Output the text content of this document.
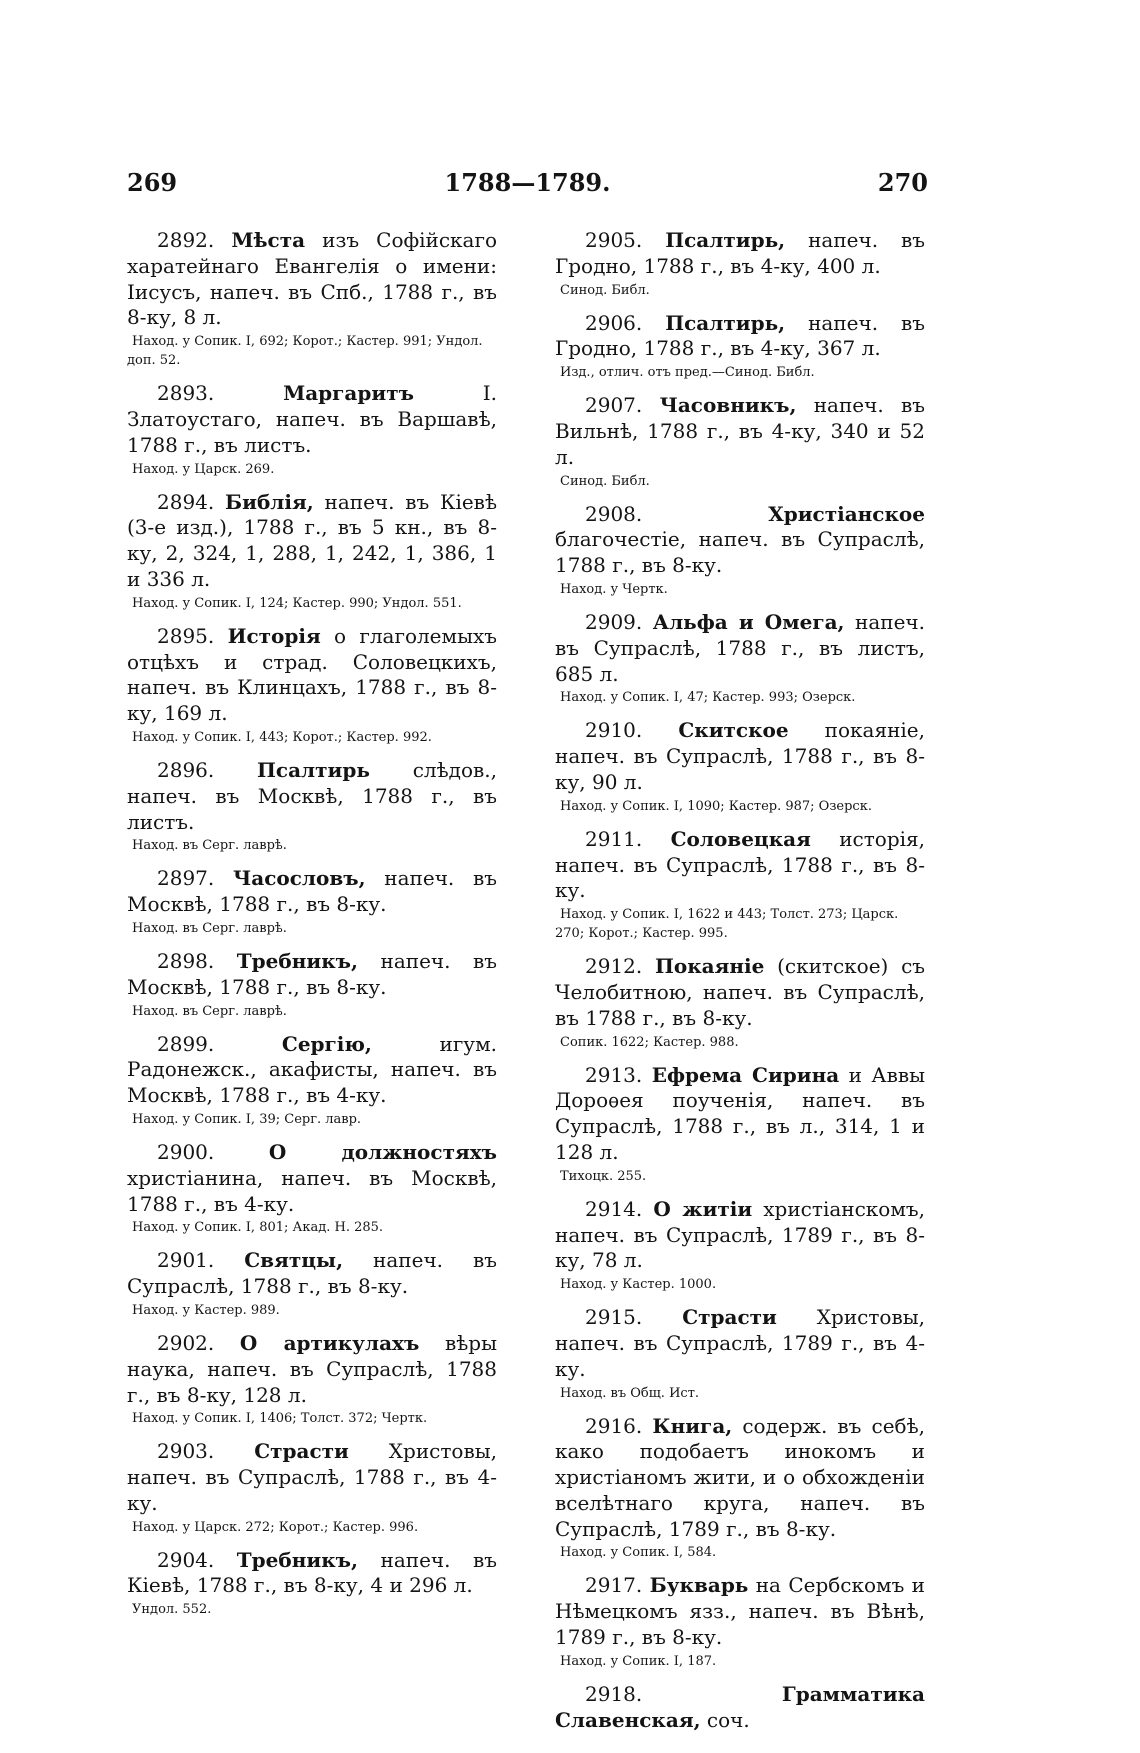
269	1788—1789.	270

2892. Мѣста изъ Софійскаго харатейнаго Евангелія о имени: Іисусъ, напеч. въ Спб., 1788 г., въ 8-ку, 8 л.

Наход. у Сопик. I, 692; Корот.; Кастер. 991; Ундол. доп. 52.

2893.	Маргаритъ I. Златоустаго, напеч. въ Варшавѣ, 1788 г., въ листъ.

Наход. у Царск. 269.

2894. Библія, напеч. въ Кіевѣ (3-е изд.), 1788 г., въ 5 кн., въ 8-ку, 2, 324, 1, 288, 1, 242, 1, 386, 1 и 336 л.

Наход. у Сопик. I, 124; Кастер. 990; Ундол. 551.

2895. Исторія о глаголемыхъ отцѣхъ и страд. Соловецкихъ, напеч. въ Клинцахъ, 1788 г., въ 8-ку, 169 л.

Наход. у Сопик. I, 443; Корот.; Кастер. 992.

2896. Псалтирь слѣдов., напеч. въ Москвѣ, 1788 г., въ листъ.

Наход. въ Серг. лаврѣ.

2897. Часословъ, напеч. въ Москвѣ, 1788 г., въ 8-ку.

Наход. въ Серг. лаврѣ.

2898. Требникъ, напеч. въ Москвѣ, 1788 г., въ 8-ку.

Наход. въ Серг. лаврѣ.

2899.	Сергію, игум. Радонежск., акафисты, напеч. въ Москвѣ, 1788 г., въ 4-ку.

Наход. у Сопик. I, 39; Серг. лавр.

2900.	О должностяхъ христіанина, напеч. въ Москвѣ, 1788 г., въ 4-ку.

Наход. у Сопик. I, 801; Акад. Н. 285.

2901. Святцы, напеч. въ Супраслѣ, 1788 г., въ 8-ку.

Наход. у Кастер. 989.

2902. О артикулахъ вѣры наука, напеч. въ Супраслѣ, 1788 г., въ 8-ку, 128 л.

Наход. у Сопик. I, 1406; Толст. 372; Чертк.

2903. Страсти Христовы, напеч. въ Супраслѣ, 1788 г., въ 4-ку.

Наход. у Царск. 272; Корот.; Кастер. 996.

2904. Требникъ, напеч. въ Кіевѣ, 1788 г., въ 8-ку, 4 и 296 л.

Ундол. 552.

2905. Псалтирь, напеч. въ Гродно, 1788 г., въ 4-ку, 400 л.

Синод. Библ.

2906. Псалтирь, напеч. въ Гродно, 1788 г., въ 4-ку, 367 л.

Изд., отлич. отъ пред.—Синод. Библ.

2907. Часовникъ, напеч. въ Вильнѣ, 1788 г., въ 4-ку, 340 и 52 л.

Синод. Библ.

2908.	Христіанское благочестіе, напеч. въ Супраслѣ, 1788 г., въ 8-ку.

Наход. у Чертк.

2909. Альфа и Омега, напеч. въ Супраслѣ, 1788 г., въ листъ, 685 л.

Наход. у Сопик. I, 47; Кастер. 993; Озерск.

2910. Скитское покаяніе, напеч. въ Супраслѣ, 1788 г., въ 8-ку, 90 л.

Наход. у Сопик. I, 1090; Кастер. 987; Озерск.

2911. Соловецкая исторія, напеч. въ Супраслѣ, 1788 г., въ 8-ку.

Наход. у Сопик. I, 1622 и 443; Толст. 273; Царск. 270; Корот.; Кастер. 995.

2912. Покаяніе (скитское) съ Челобитною, напеч. въ Супраслѣ, въ 1788 г., въ 8-ку.

Сопик. 1622; Кастер. 988.

2913. Ефрема Сирина и Аввы Дороѳея поученія, напеч. въ Супраслѣ, 1788 г., въ л., 314, 1 и 128 л.

Тихоцк. 255.

2914. О житіи христіанскомъ, напеч. въ Супраслѣ, 1789 г., въ 8-ку, 78 л.

Наход. у Кастер. 1000.

2915. Страсти Христовы, напеч. въ Супраслѣ, 1789 г., въ 4-ку.

Наход. въ Общ. Ист.

2916. Книга, содерж. въ себѣ, како подобаетъ инокомъ и христіаномъ жити, и о обхожденіи вселѣтнаго круга, напеч. въ Супраслѣ, 1789 г., въ 8-ку.

Наход. у Сопик. I, 584.

2917. Букварь на Сербскомъ и Нѣмецкомъ язз., напеч. въ Вѣнѣ, 1789 г., въ 8-ку.

Наход. у Сопик. I, 187.

2918.	Грамматика Славенская, соч.
